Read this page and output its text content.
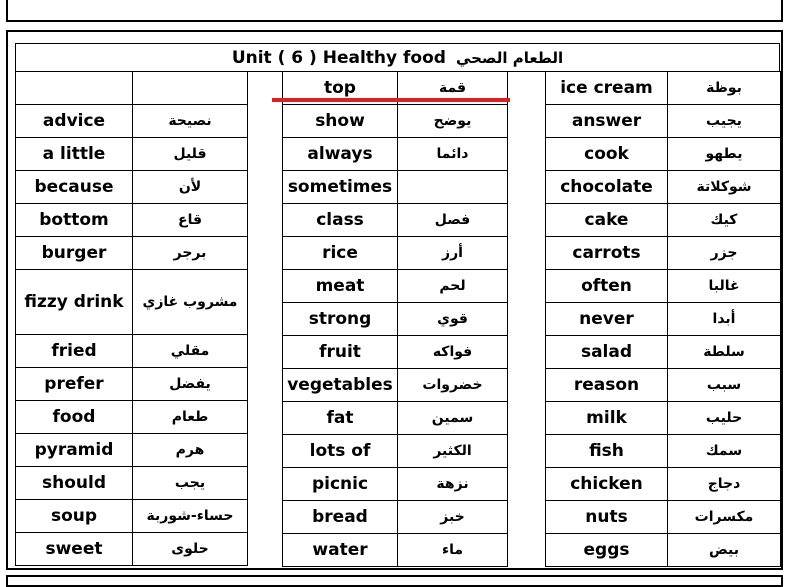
Unit ( 6 ) Healthy food الطعام الصحي

advice	نصيحة
a little	قليل
because	لأن
bottom	قاع
burger	برجر
fizzy drink	مشروب غازي
fried	مقلي
prefer	يفضل
food	طعام
pyramid	هرم
should	يجب
soup	حساء-شوربة
sweet	حلوى
top	قمة
show	يوضح
always	دائما
sometimes	
class	فصل
rice	أرز
meat	لحم
strong	قوي
fruit	فواكه
vegetables	خضروات
fat	سمين
lots of	الكثير
picnic	نزهة
bread	خبز
water	ماء
ice cream	بوظة
answer	يجيب
cook	يطهو
chocolate	شوكلاتة
cake	كيك
carrots	جزر
often	غالبا
never	أبدا
salad	سلطة
reason	سبب
milk	حليب
fish	سمك
chicken	دجاج
nuts	مكسرات
eggs	بيض
